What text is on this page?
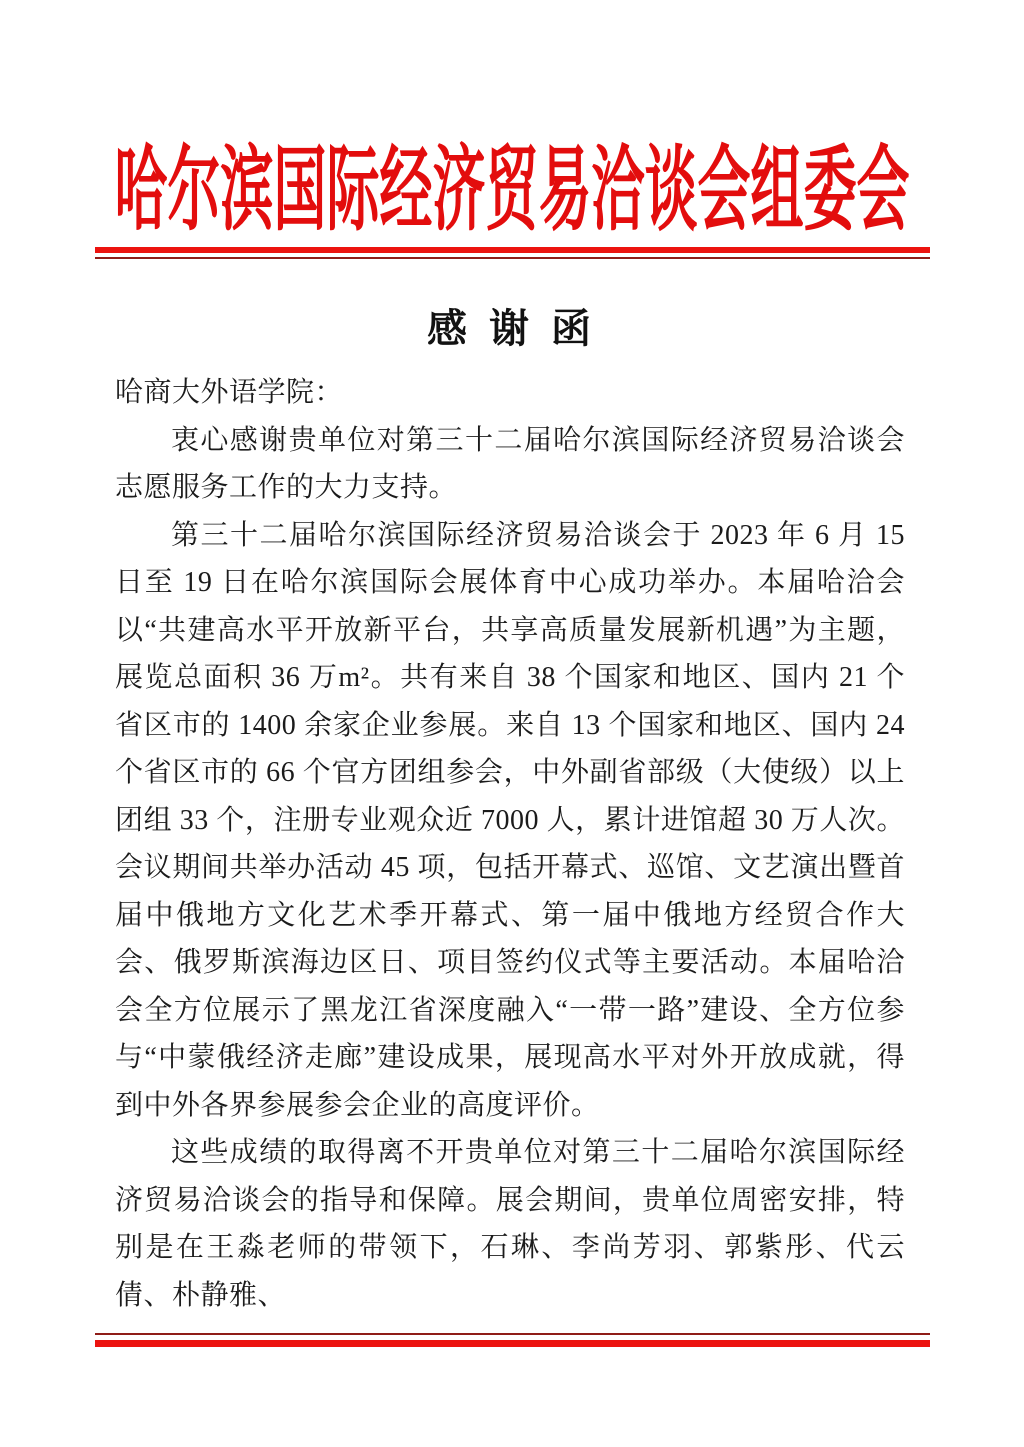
哈尔滨国际经济贸易洽谈会组委会
感 谢 函

哈商大外语学院：

衷心感谢贵单位对第三十二届哈尔滨国际经济贸易洽谈会志愿服务工作的大力支持。

第三十二届哈尔滨国际经济贸易洽谈会于 2023 年 6 月 15 日至 19 日在哈尔滨国际会展体育中心成功举办。本届哈洽会以“共建高水平开放新平台，共享高质量发展新机遇”为主题，展览总面积 36 万m²。共有来自 38 个国家和地区、国内 21 个省区市的 1400 余家企业参展。来自 13 个国家和地区、国内 24 个省区市的 66 个官方团组参会，中外副省部级（大使级）以上团组 33 个，注册专业观众近 7000 人，累计进馆超 30 万人次。会议期间共举办活动 45 项，包括开幕式、巡馆、文艺演出暨首届中俄地方文化艺术季开幕式、第一届中俄地方经贸合作大会、俄罗斯滨海边区日、项目签约仪式等主要活动。本届哈洽会全方位展示了黑龙江省深度融入“一带一路”建设、全方位参与“中蒙俄经济走廊”建设成果，展现高水平对外开放成就，得到中外各界参展参会企业的高度评价。

这些成绩的取得离不开贵单位对第三十二届哈尔滨国际经济贸易洽谈会的指导和保障。展会期间，贵单位周密安排，特别是在王淼老师的带领下，石琳、李尚芳羽、郭紫彤、代云倩、朴静雅、
